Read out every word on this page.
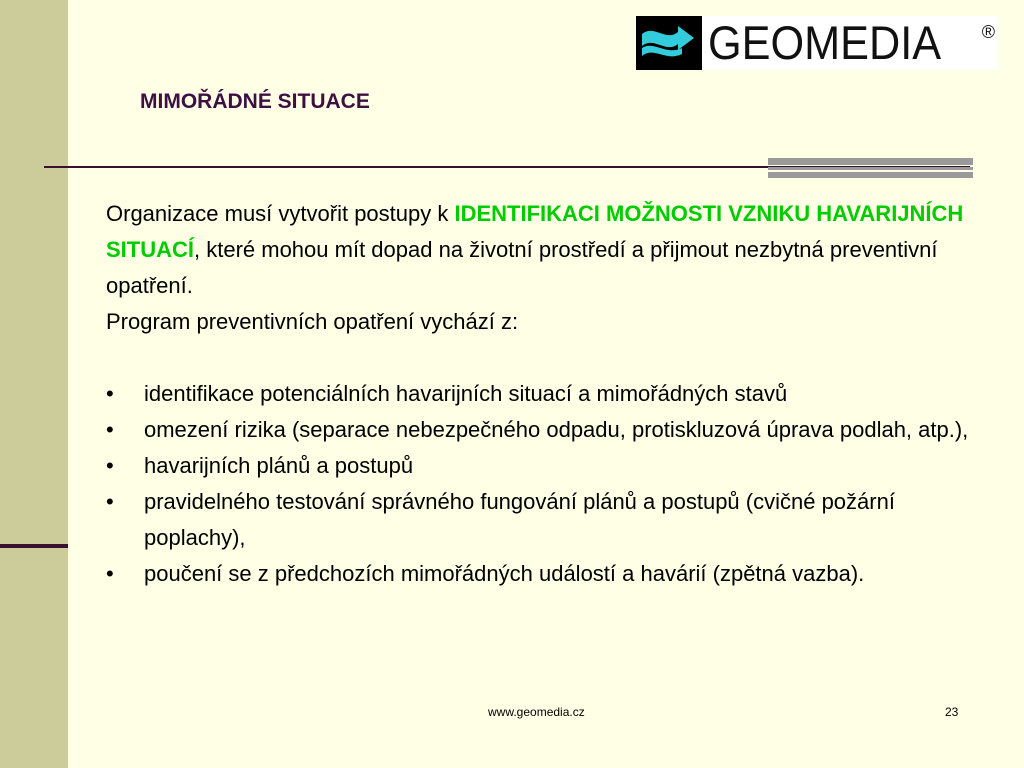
GEOMEDIA ®
MIMOŘÁDNÉ SITUACE

Organizace musí vytvořit postupy k IDENTIFIKACI MOŽNOSTI VZNIKU HAVARIJNÍCH SITUACÍ, které mohou mít dopad na životní prostředí a přijmout nezbytná preventivní opatření.

Program preventivních opatření vychází z:

•	identifikace potenciálních havarijních situací a mimořádných stavů
•	omezení rizika (separace nebezpečného odpadu, protiskluzová úprava podlah, atp.),
•	havarijních plánů a postupů
•	pravidelného testování správného fungování plánů a postupů (cvičné požární poplachy),
•	poučení se z předchozích mimořádných událostí a havárií (zpětná vazba).
www.geomedia.cz	23
